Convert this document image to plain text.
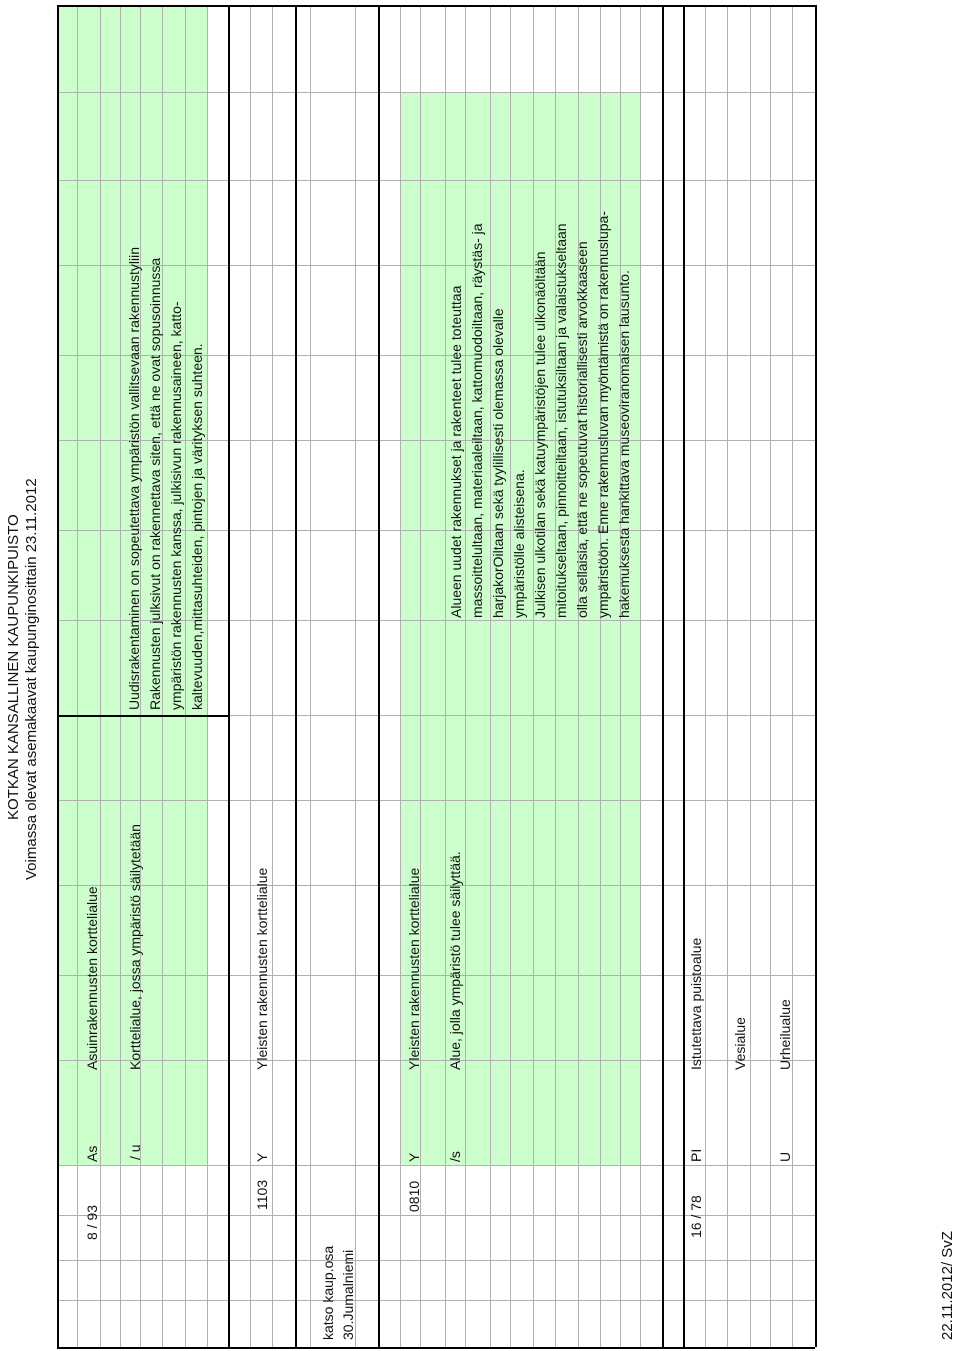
KOTKAN KANSALLINEN KAUPUNKIPUISTO Voimassa olevat asemakaavat kaupunginosittain 23.11.2012
8 / 93
As
Asuinrakennusten korttelialue
/ u
Korttelialue, jossa ympäristö säilytetään
Uudisrakentaminen on sopeutettava ympäristön vallitsevaan rakennustyliin Rakennusten julksivut on rakennettava siten, että ne ovat sopusoinnussa ympäristön rakennusten kanssa, julkisivun rakennusaineen, katto- kaltevuuden,mittasuhteiden, pintojen ja värityksen suhteen.
1103
Y
Yleisten rakennusten korttelialue
katso kaup.osa 30.Jumalniemi
0810
Y
Yleisten rakennusten korttelialue
/s
Alue, jolla ympäristö tulee säilyttää.
Alueen uudet rakennukset ja rakenteet tulee toteuttaa massoittelultaan, materiaaleiltaan, kattomuodoiltaan, räystäs- ja harjakorOiltaan sekä tyylillisesti olemassa olevalle ympäristölle alisteisena. Julkisen ulkotilan sekä katuympäristöjen tulee ulkonäöltään mitoitukseltaan, pinnoitteiltaan, istutuksiltaan ja valaistukseltaan olla sellaisia, että ne sopeutuvat historiallisesti arvokkaaseen ympäristöön. Enne rakennusluvan myöntämistä on rakennuslupa- hakemuksesta hankittava museoviranomaisen lausunto.
16 / 78
PI
Istutettava puistoalue Vesialue
U
Urheilualue
22.11.2012/ SvZ
